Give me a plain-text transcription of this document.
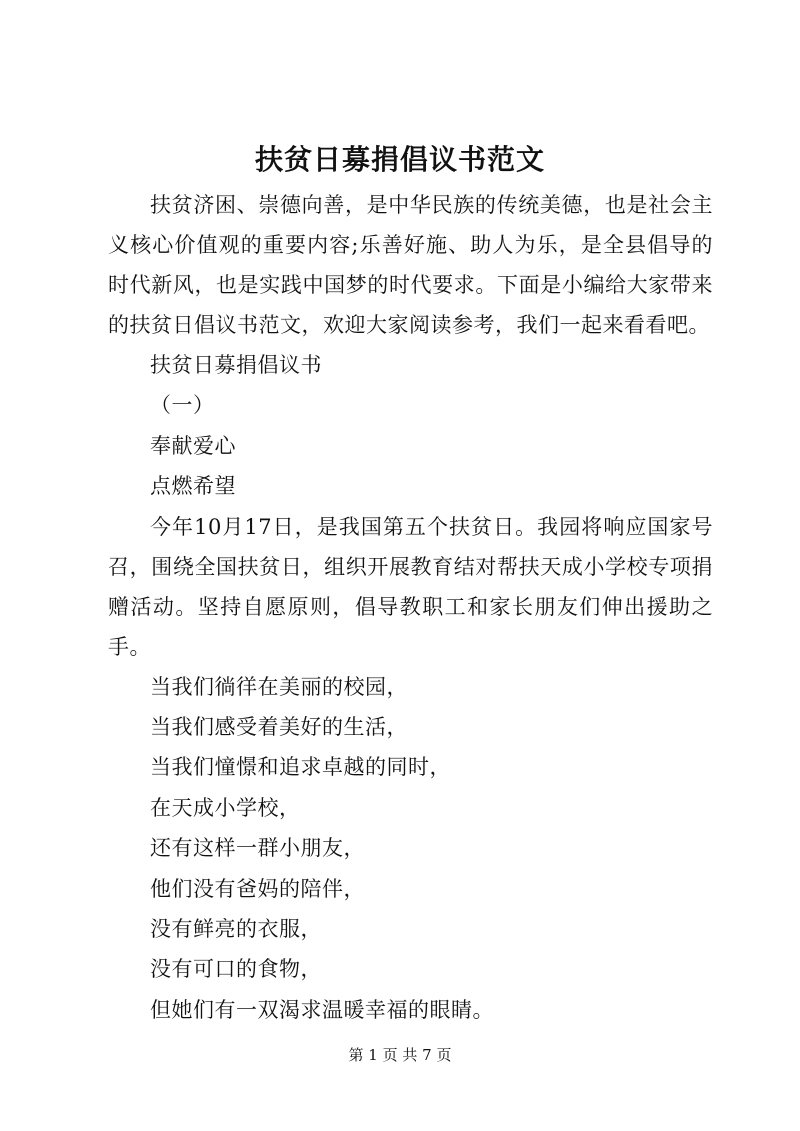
扶贫日募捐倡议书范文

扶贫济困、崇德向善，是中华民族的传统美德，也是社会主义核心价值观的重要内容;乐善好施、助人为乐，是全县倡导的时代新风，也是实践中国梦的时代要求。下面是小编给大家带来的扶贫日倡议书范文，欢迎大家阅读参考，我们一起来看看吧。

扶贫日募捐倡议书
（一）
奉献爱心
点燃希望

今年10月17日，是我国第五个扶贫日。我园将响应国家号召，围绕全国扶贫日，组织开展教育结对帮扶天成小学校专项捐赠活动。坚持自愿原则，倡导教职工和家长朋友们伸出援助之手。

当我们徜徉在美丽的校园，
当我们感受着美好的生活，
当我们憧憬和追求卓越的同时，
在天成小学校，
还有这样一群小朋友，
他们没有爸妈的陪伴，
没有鲜亮的衣服，
没有可口的食物，
但她们有一双渴求温暖幸福的眼睛。
第 1 页 共 7 页
